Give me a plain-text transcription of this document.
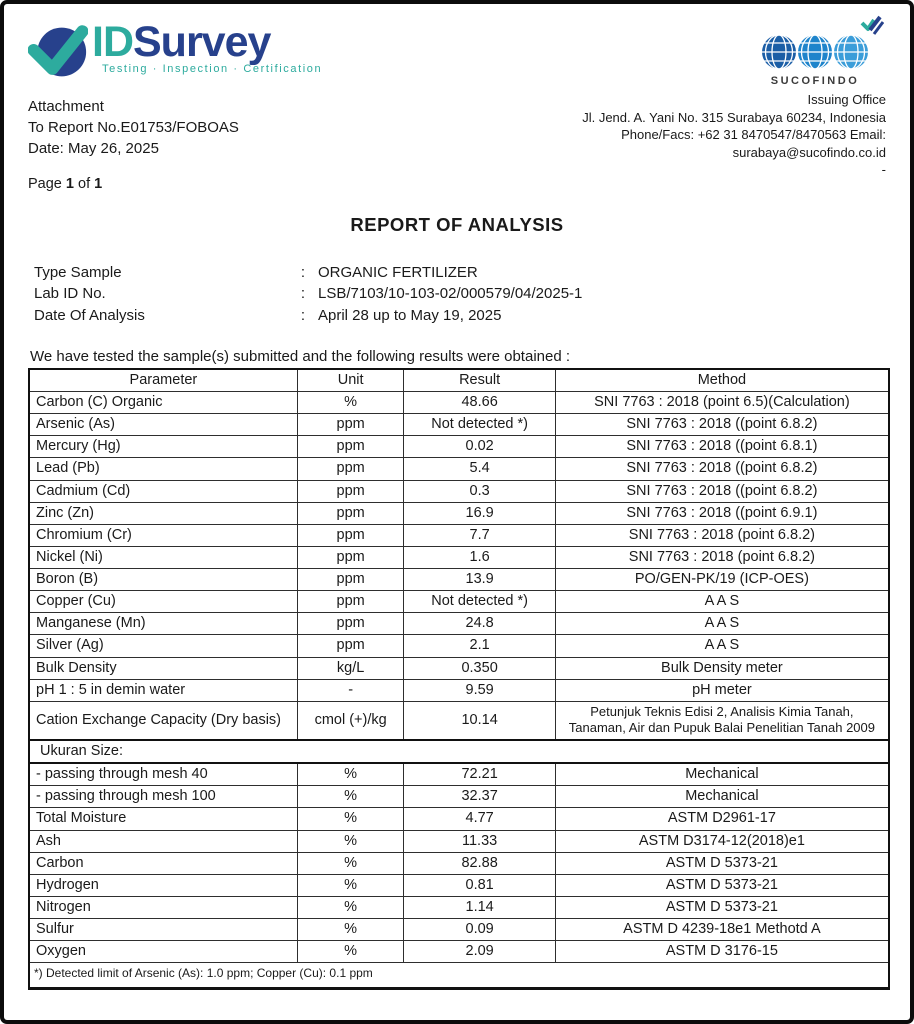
IDSurvey
Testing · Inspection · Certification
Attachment
To Report No.E01753/FOBOAS
Date: May 26, 2025
Page 1 of 1
SUCOFINDO
Issuing Office
Jl. Jend. A. Yani No. 315 Surabaya 60234, Indonesia
Phone/Facs: +62 31 8470547/8470563 Email:
surabaya@sucofindo.co.id
-
REPORT OF ANALYSIS
Type Sample	: ORGANIC FERTILIZER
Lab ID No.	: LSB/7103/10-103-02/000579/04/2025-1
Date Of Analysis	: April 28 up to May 19, 2025
We have tested the sample(s) submitted and the following results were obtained :
Parameter	Unit	Result	Method
Carbon (C) Organic	%	48.66	SNI 7763 : 2018 (point 6.5)(Calculation)
Arsenic (As)	ppm	Not detected *)	SNI 7763 : 2018 ((point 6.8.2)
Mercury (Hg)	ppm	0.02	SNI 7763 : 2018 ((point 6.8.1)
Lead (Pb)	ppm	5.4	SNI 7763 : 2018 ((point 6.8.2)
Cadmium (Cd)	ppm	0.3	SNI 7763 : 2018 ((point 6.8.2)
Zinc (Zn)	ppm	16.9	SNI 7763 : 2018 ((point 6.9.1)
Chromium (Cr)	ppm	7.7	SNI 7763 : 2018 (point 6.8.2)
Nickel (Ni)	ppm	1.6	SNI 7763 : 2018 (point 6.8.2)
Boron (B)	ppm	13.9	PO/GEN-PK/19 (ICP-OES)
Copper (Cu)	ppm	Not detected *)	A A S
Manganese (Mn)	ppm	24.8	A A S
Silver (Ag)	ppm	2.1	A A S
Bulk Density	kg/L	0.350	Bulk Density meter
pH 1 : 5 in demin water	-	9.59	pH meter
Cation Exchange Capacity (Dry basis)	cmol (+)/kg	10.14	Petunjuk Teknis Edisi 2, Analisis Kimia Tanah, Tanaman, Air dan Pupuk Balai Penelitian Tanah 2009
Ukuran Size:			
- passing through mesh 40	%	72.21	Mechanical
- passing through mesh 100	%	32.37	Mechanical
Total Moisture	%	4.77	ASTM D2961-17
Ash	%	11.33	ASTM D3174-12(2018)e1
Carbon	%	82.88	ASTM D 5373-21
Hydrogen	%	0.81	ASTM D 5373-21
Nitrogen	%	1.14	ASTM D 5373-21
Sulfur	%	0.09	ASTM D 4239-18e1 Methotd A
Oxygen	%	2.09	ASTM D 3176-15
*) Detected limit of Arsenic (As): 1.0 ppm; Copper (Cu): 0.1 ppm			
